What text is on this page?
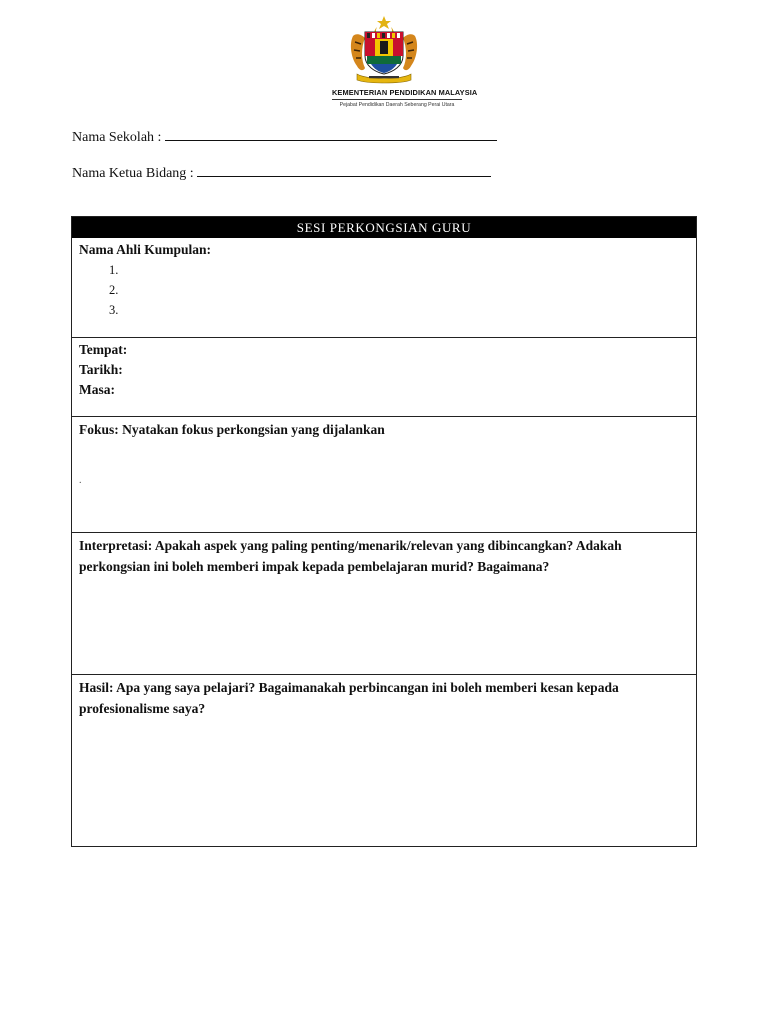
KEMENTERIAN PENDIDIKAN MALAYSIA
Pejabat Pendidikan Daerah Seberang Perai Utara
Nama Sekolah :
Nama Ketua Bidang :
SESI PERKONGSIAN GURU
Nama Ahli Kumpulan:
1.
2.
3.
Tempat:
Tarikh:
Masa:
Fokus: Nyatakan fokus perkongsian yang dijalankan
.
Interpretasi: Apakah aspek yang paling penting/menarik/relevan yang dibincangkan? Adakah perkongsian ini boleh memberi impak kepada pembelajaran murid? Bagaimana?
Hasil: Apa yang saya pelajari? Bagaimanakah perbincangan ini boleh memberi kesan kepada profesionalisme saya?
